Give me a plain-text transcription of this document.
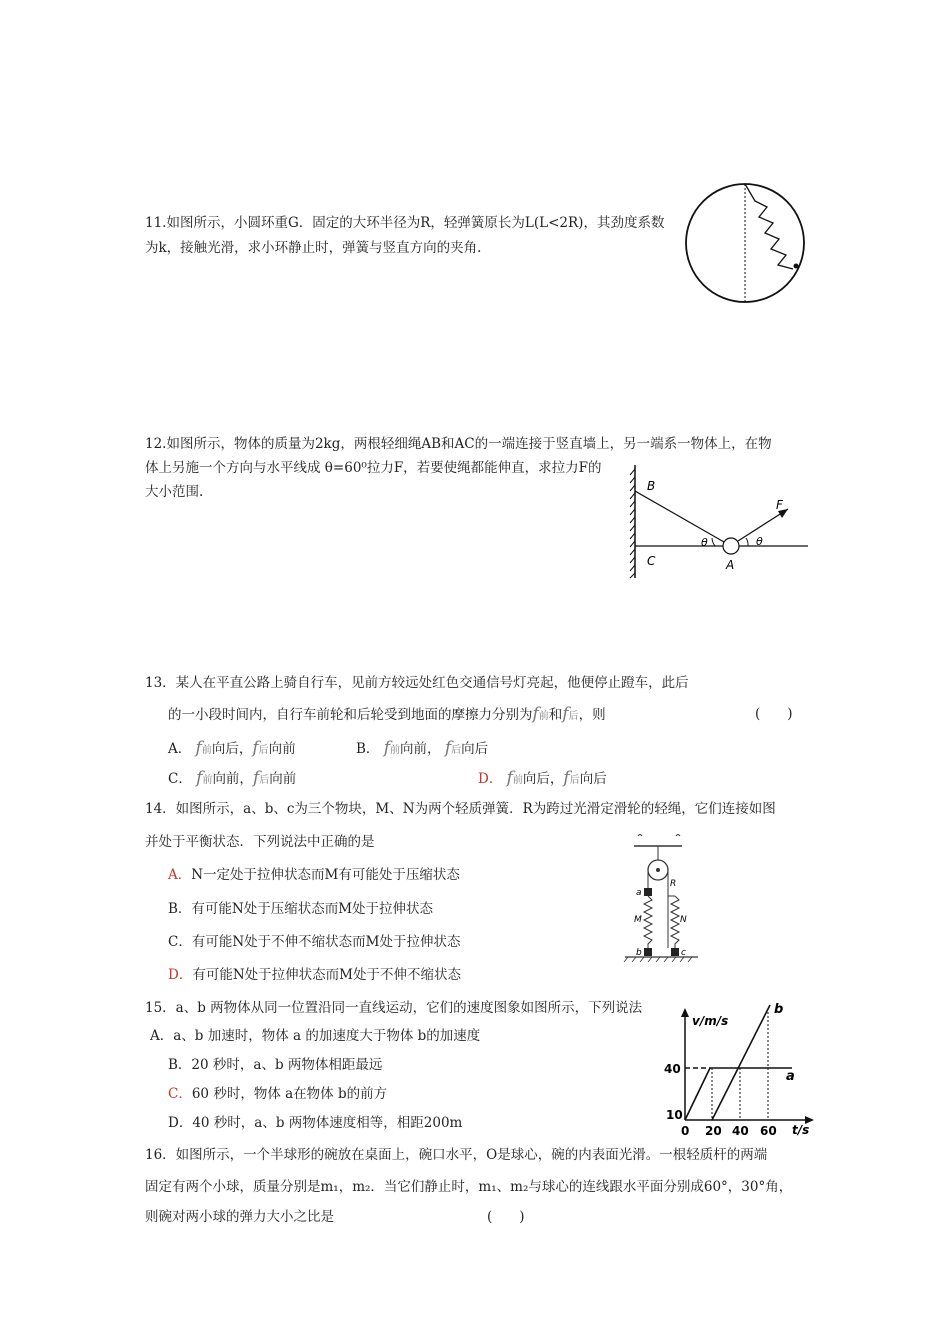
11.如图所示，小圆环重G．固定的大环半径为R，轻弹簧原长为L(L<2R)，其劲度系数
为k，接触光滑，求小环静止时，弹簧与竖直方向的夹角.
12.如图所示，物体的质量为2kg，两根轻细绳AB和AC的一端连接于竖直墙上，另一端系一物体上，在物
体上另施一个方向与水平线成 θ=60⁰拉力F，若要使绳都能伸直，求拉力F的
大小范围.	B
C	A
F
θ	θ
13．某人在平直公路上骑自行车，见前方较远处红色交通信号灯亮起，他便停止蹬车，此后
的一小段时间内，自行车前轮和后轮受到地面的摩擦力分别为f前和f后，则	(　　)
A． f前向后，f后向前	B． f前向前， f后向后
C． f前向前，f后向前	D． f前向后，f后向后
14．如图所示，a、b、c为三个物块，M、N为两个轻质弹簧．R为跨过光滑定滑轮的轻绳，它们连接如图
并处于平衡状态．下列说法中正确的是
A．N一定处于拉伸状态而M有可能处于压缩状态
B．有可能N处于压缩状态而M处于拉伸状态
C．有可能N处于不伸不缩状态而M处于拉伸状态
D．有可能N处于拉伸状态而M处于不伸不缩状态
a
R
M	N
b	c
15．a、b 两物体从同一位置沿同一直线运动，它们的速度图象如图所示，下列说法
A．a、b 加速时，物体 a 的加速度大于物体 b的加速度
B．20 秒时，a、b 两物体相距最远
C．60 秒时，物体 a在物体 b的前方
D．40 秒时，a、b 两物体速度相等，相距200m
v/m/s
t/s
40
10
0 20 40 60
a
b
16．如图所示，一个半球形的碗放在桌面上，碗口水平，O是球心，碗的内表面光滑。一根轻质杆的两端
固定有两个小球，质量分别是m₁，m₂．当它们静止时，m₁、m₂与球心的连线跟水平面分别成60°，30°角，
则碗对两小球的弹力大小之比是	(　　)
